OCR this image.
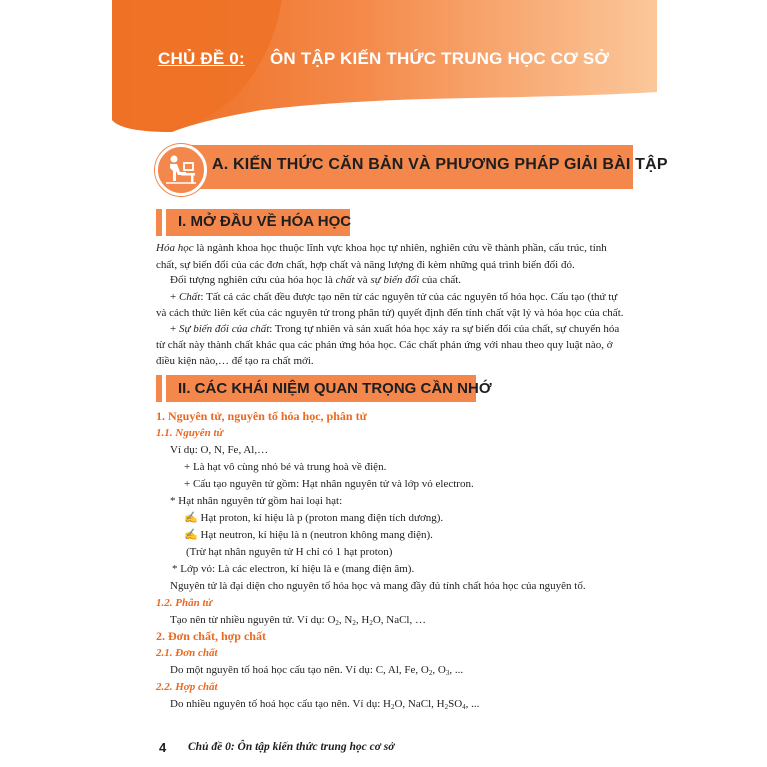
CHỦ ĐỀ 0: ÔN TẬP KIẾN THỨC TRUNG HỌC CƠ SỞ
A. KIẾN THỨC CĂN BẢN VÀ PHƯƠNG PHÁP GIẢI BÀI TẬP
I. MỞ ĐẦU VỀ HÓA HỌC
Hóa học là ngành khoa học thuộc lĩnh vực khoa học tự nhiên, nghiên cứu về thành phần, cấu trúc, tính
chất, sự biến đổi của các đơn chất, hợp chất và năng lượng đi kèm những quá trình biến đổi đó.
Đối tượng nghiên cứu của hóa học là chất và sự biến đổi của chất.
+ Chất: Tất cả các chất đều được tạo nên từ các nguyên tử của các nguyên tố hóa học. Cấu tạo (thứ tự
và cách thức liên kết của các nguyên tử trong phân tử) quyết định đến tính chất vật lý và hóa học của chất.
+ Sự biến đổi của chất: Trong tự nhiên và sản xuất hóa học xảy ra sự biến đổi của chất, sự chuyển hóa
từ chất này thành chất khác qua các phản ứng hóa học. Các chất phản ứng với nhau theo quy luật nào, ở
điều kiện nào,… để tạo ra chất mới.
II. CÁC KHÁI NIỆM QUAN TRỌNG CẦN NHỚ
1. Nguyên tử, nguyên tố hóa học, phân tử
1.1. Nguyên tử
Ví dụ: O, N, Fe, Al,…
+ Là hạt vô cùng nhỏ bé và trung hoà về điện.
+ Cấu tạo nguyên tử gồm: Hạt nhân nguyên tử và lớp vỏ electron.
* Hạt nhân nguyên tử gồm hai loại hạt:
✍ Hạt proton, kí hiệu là p (proton mang điện tích dương).
✍ Hạt neutron, kí hiệu là n (neutron không mang điện).
(Trừ hạt nhân nguyên tử H chỉ có 1 hạt proton)
* Lớp vỏ: Là các electron, kí hiệu là e (mang điện âm).
Nguyên tử là đại diện cho nguyên tố hóa học và mang đầy đủ tính chất hóa học của nguyên tố.
1.2. Phân tử
Tạo nên từ nhiều nguyên tử. Ví dụ: $O_2$, $N_2$, $H_2O$, NaCl, …
2. Đơn chất, hợp chất
2.1. Đơn chất
Do một nguyên tố hoá học cấu tạo nên. Ví dụ: C, Al, Fe, $O_2$, $O_3$, ...
2.2. Hợp chất
Do nhiều nguyên tố hoá học cấu tạo nên. Ví dụ: $H_2O$, NaCl, $H_2SO_4$, ...
4 Chủ đề 0: Ôn tập kiến thức trung học cơ sở
